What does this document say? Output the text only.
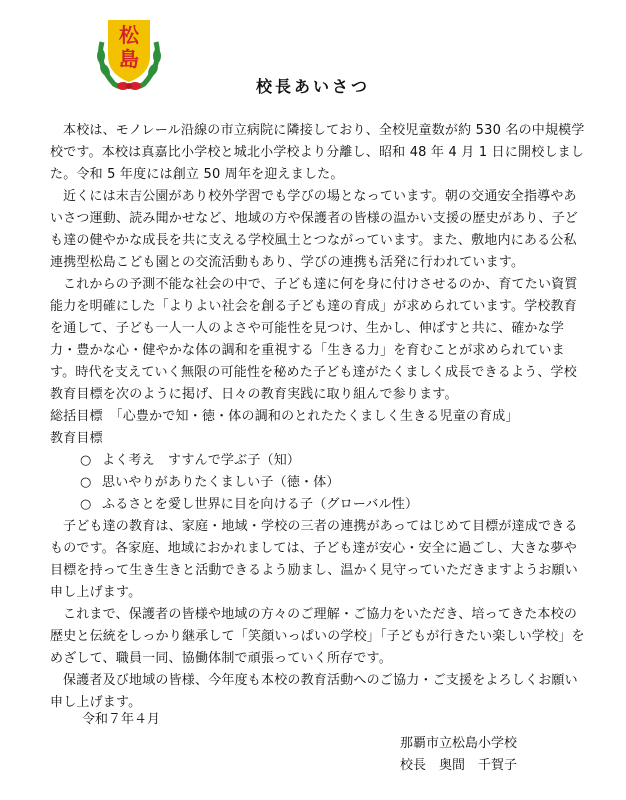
松
島
校長あいさつ

本校は、モノレール沿線の市立病院に隣接しており、全校児童数が約 530 名の中規模学校です。本校は真嘉比小学校と城北小学校より分離し、昭和 48 年 4 月 1 日に開校しました。令和 5 年度には創立 50 周年を迎えました。

近くには末吉公園があり校外学習でも学びの場となっています。朝の交通安全指導やあいさつ運動、読み聞かせなど、地域の方や保護者の皆様の温かい支援の歴史があり、子ども達の健やかな成長を共に支える学校風土とつながっています。また、敷地内にある公私連携型松島こども園との交流活動もあり、学びの連携も活発に行われています。

これからの予測不能な社会の中で、子ども達に何を身に付けさせるのか、育てたい資質能力を明確にした「よりよい社会を創る子ども達の育成」が求められています。学校教育を通して、子ども一人一人のよさや可能性を見つけ、生かし、伸ばすと共に、確かな学力・豊かな心・健やかな体の調和を重視する「生きる力」を育むことが求められています。時代を支えていく無限の可能性を秘めた子ども達がたくましく成長できるよう、学校教育目標を次のように掲げ、日々の教育実践に取り組んで参ります。

総括目標　「心豊かで知・徳・体の調和のとれたたくましく生きる児童の育成」
教育目標
○ よく考え　すすんで学ぶ子（知）
○ 思いやりがありたくましい子（徳・体）
○ ふるさとを愛し世界に目を向ける子（グローバル性）

子ども達の教育は、家庭・地域・学校の三者の連携があってはじめて目標が達成できるものです。各家庭、地域におかれましては、子ども達が安心・安全に過ごし、大きな夢や目標を持って生き生きと活動できるよう励まし、温かく見守っていただきますようお願い申し上げます。

これまで、保護者の皆様や地域の方々のご理解・ご協力をいただき、培ってきた本校の歴史と伝統をしっかり継承して「笑顔いっぱいの学校」「子どもが行きたい楽しい学校」をめざして、職員一同、協働体制で頑張っていく所存です。

保護者及び地域の皆様、今年度も本校の教育活動へのご協力・ご支援をよろしくお願い申し上げます。

令和７年４月
那覇市立松島小学校
校長　奥間　千賀子
